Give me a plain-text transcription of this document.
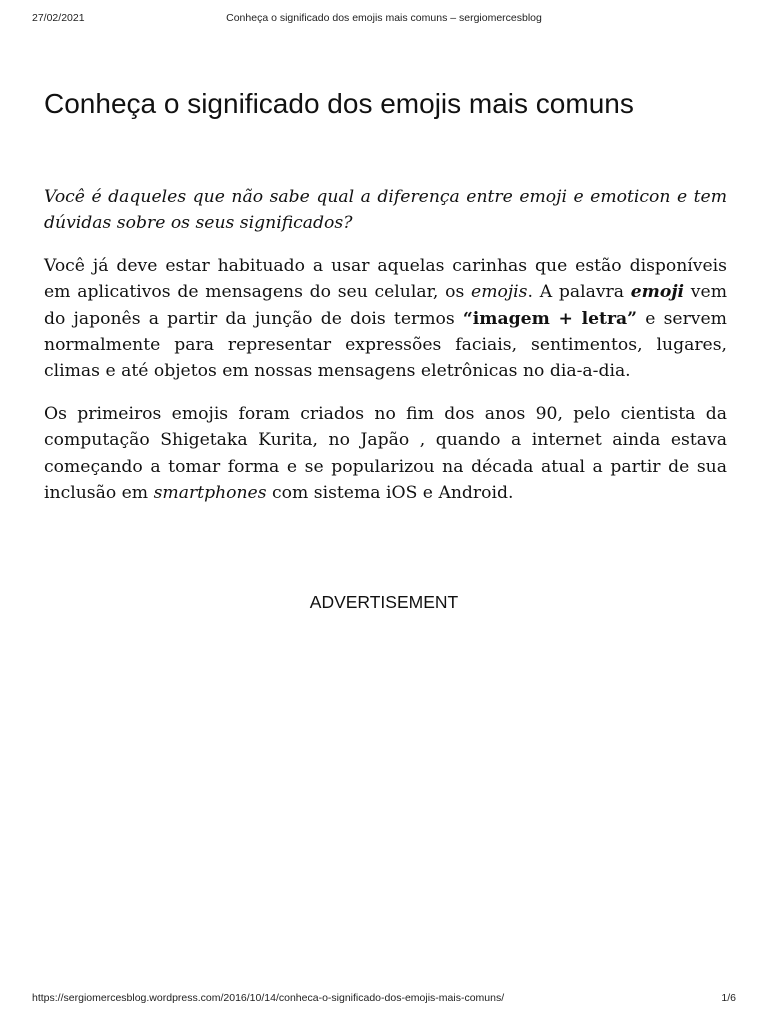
27/02/2021	Conheça o significado dos emojis mais comuns – sergiomercesblog
Conheça o significado dos emojis mais comuns

Você é daqueles que não sabe qual a diferença entre emoji e emoticon e tem dúvidas sobre os seus significados?

Você já deve estar habituado a usar aquelas carinhas que estão disponíveis em aplicativos de mensagens do seu celular, os emojis. A palavra emoji vem do japonês a partir da junção de dois termos “imagem + letra” e servem normalmente para representar expressões faciais, sentimentos, lugares, climas e até objetos em nossas mensagens eletrônicas no dia-a-dia.

Os primeiros emojis foram criados no fim dos anos 90, pelo cientista da computação Shigetaka Kurita, no Japão , quando a internet ainda estava começando a tomar forma e se popularizou na década atual a partir de sua inclusão em smartphones com sistema iOS e Android.

ADVERTISEMENT
https://sergiomercesblog.wordpress.com/2016/10/14/conheca-o-significado-dos-emojis-mais-comuns/	1/6
